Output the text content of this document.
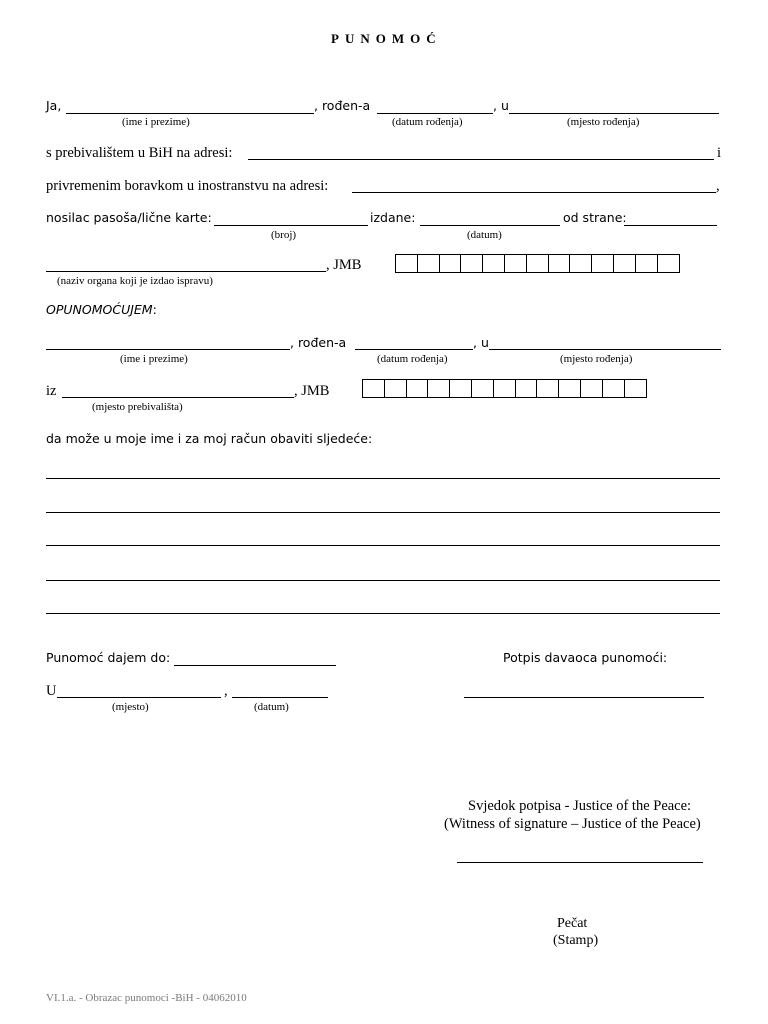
PUNOMOĆ
Ja,	, rođen-a	, u
(ime i prezime)	(datum rođenja)	(mjesto rođenja)
s prebivalištem u BiH na adresi:	i
privremenim boravkom u inostranstvu na adresi:	,
nosilac pasoša/lične karte:	izdane:	od strane:
(broj)	(datum)
, JMB
(naziv organa koji je izdao ispravu)
OPUNOMOĆUJEM:
, rođen-a	, u
(ime i prezime)	(datum rođenja)	(mjesto rođenja)
iz	, JMB
(mjesto prebivališta)
da može u moje ime i za moj račun obaviti sljedeće:
Punomoć dajem do:	Potpis davaoca punomoći:
U	,
(mjesto)	(datum)
Svjedok potpisa - Justice of the Peace:
(Witness of signature – Justice of the Peace)
Pečat
(Stamp)
VI.1.a. - Obrazac punomoci -BiH - 04062010
